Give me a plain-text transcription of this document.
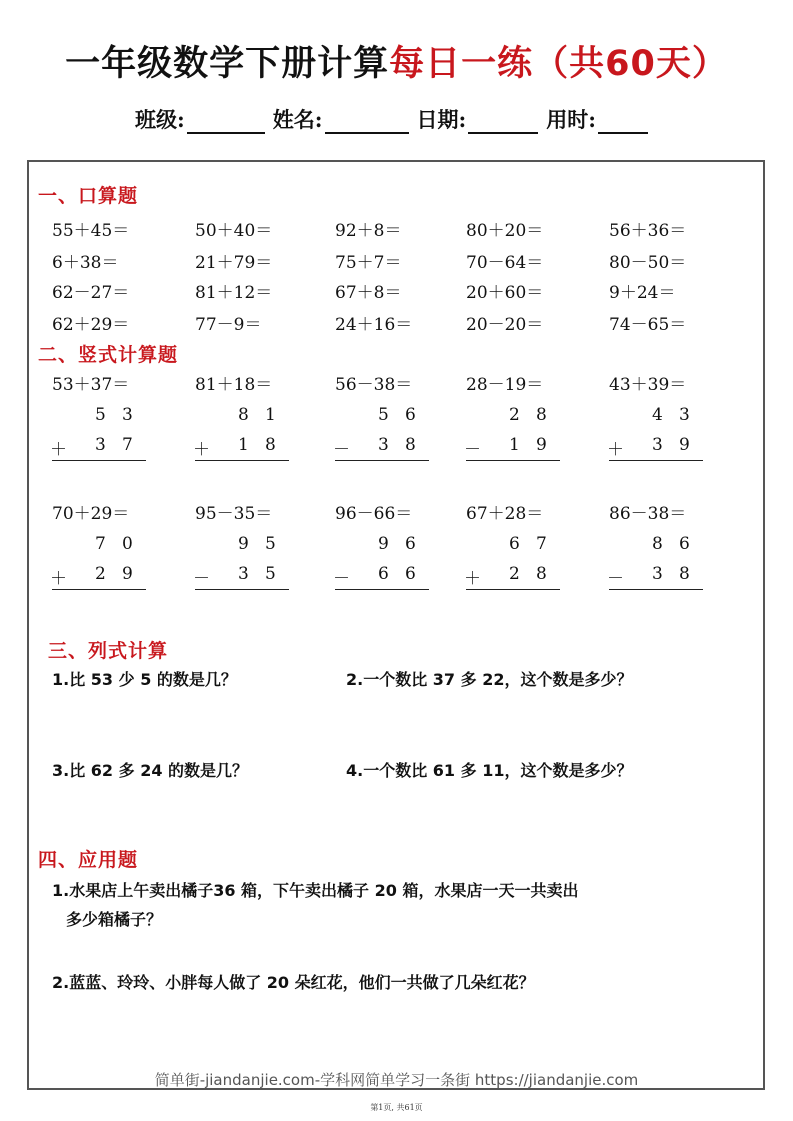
一年级数学下册计算每日一练（共60天）
班级:	姓名:	日期:	用时:
一、口算题
55＋45＝	50＋40＝	92＋8＝	80＋20＝	56＋36＝
6＋38＝	21＋79＝	75＋7＝	70－64＝	80－50＝
62－27＝	81＋12＝	67＋8＝	20＋60＝	9＋24＝
62＋29＝	77－9＝	24＋16＝	20－20＝	74－65＝
二、竖式计算题
53＋37＝
5 3
＋ 3 7
81＋18＝
8 1
＋ 1 8
56－38＝
5 6
－ 3 8
28－19＝
2 8
－ 1 9
43＋39＝
4 3
＋ 3 9
70＋29＝
7 0
＋ 2 9
95－35＝
9 5
－ 3 5
96－66＝
9 6
－ 6 6
67＋28＝
6 7
＋ 2 8
86－38＝
8 6
－ 3 8
三、列式计算
1.比 53 少 5 的数是几？	2.一个数比 37 多 22，这个数是多少？
3.比 62 多 24 的数是几？	4.一个数比 61 多 11，这个数是多少？
四、应用题
1.水果店上午卖出橘子36 箱，下午卖出橘子 20 箱，水果店一天一共卖出
多少箱橘子？
2.蓝蓝、玲玲、小胖每人做了 20 朵红花，他们一共做了几朵红花？
简单街-jiandanjie.com-学科网简单学习一条街 https://jiandanjie.com
第1页, 共61页
